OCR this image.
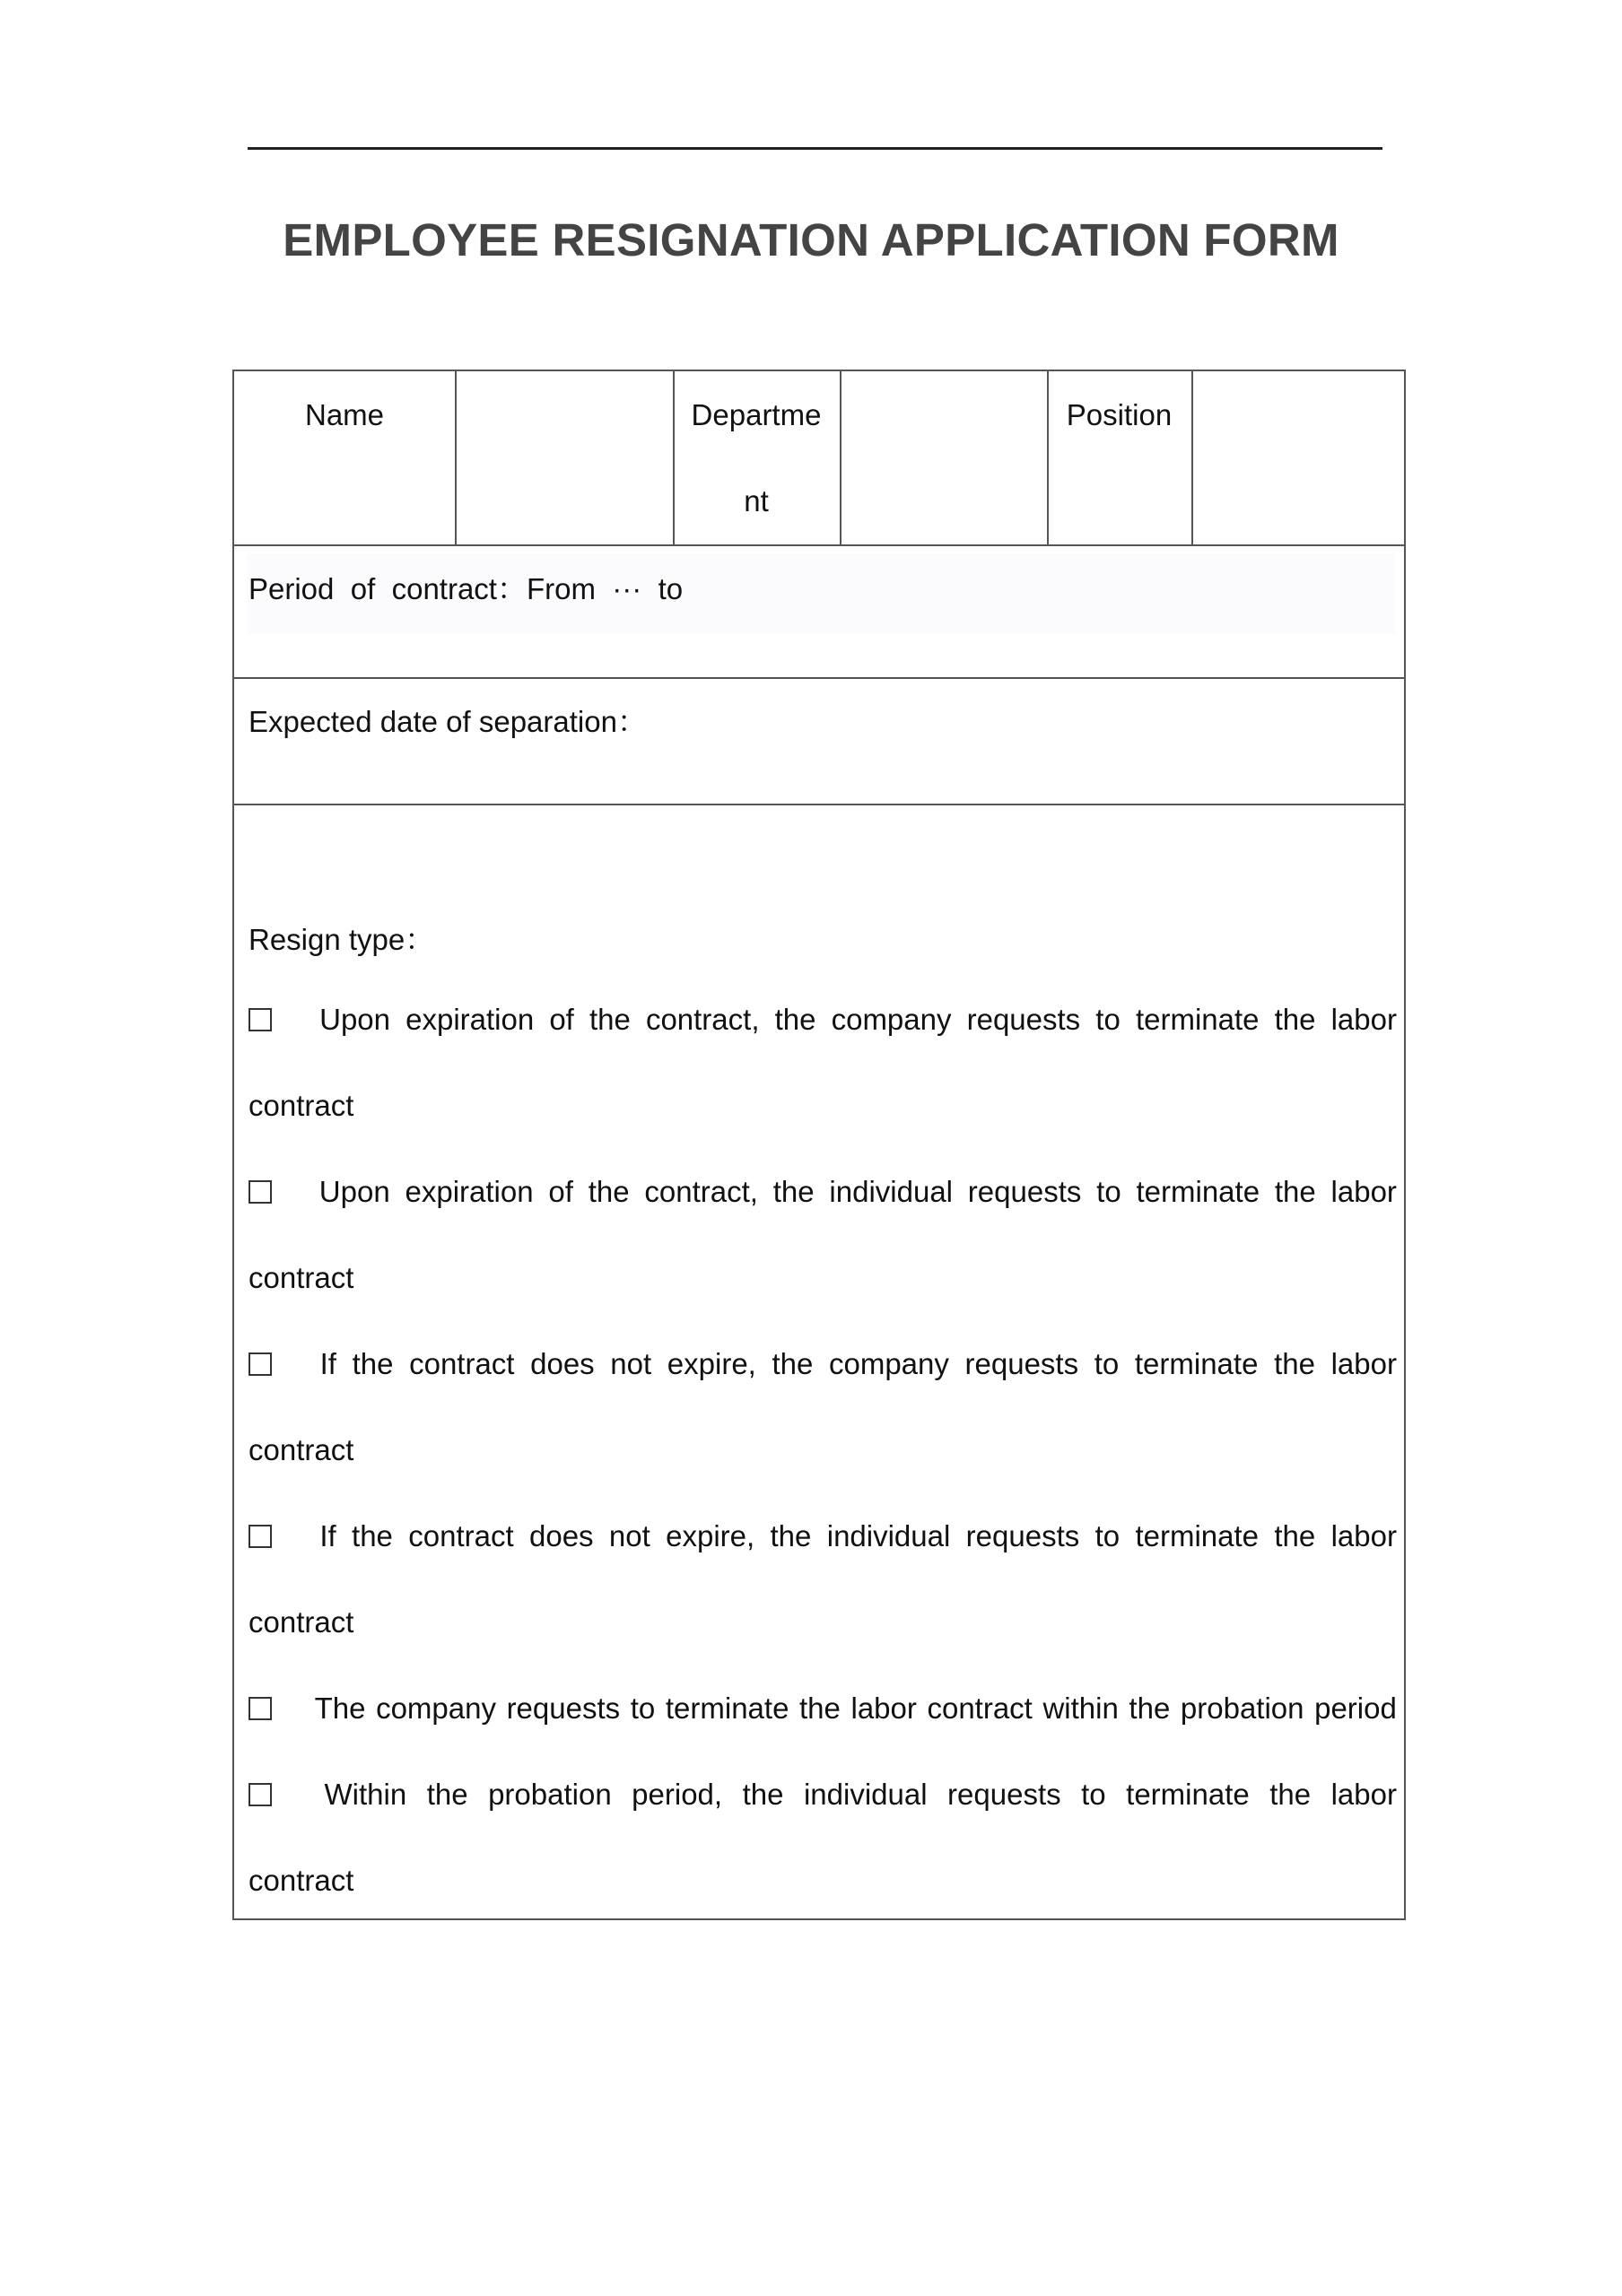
EMPLOYEE RESIGNATION APPLICATION FORM
Name	Departme
nt
Position
Period  of  contract：From  ···  to
Expected date of separation：
Resign type：
Upon expiration of the contract, the company requests to terminate the labor
contract
Upon expiration of the contract, the individual requests to terminate the labor
contract
If the contract does not expire, the company requests to terminate the labor
contract
If the contract does not expire, the individual requests to terminate the labor
contract
The company requests to terminate the labor contract within the probation period
Within the probation period, the individual requests to terminate the labor
contract
